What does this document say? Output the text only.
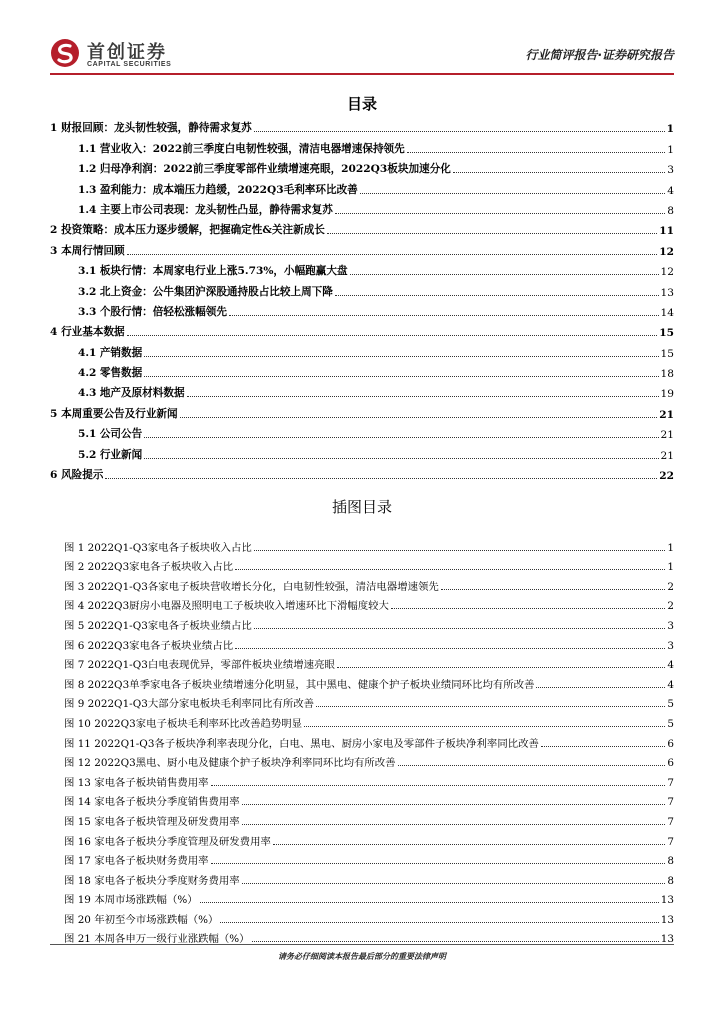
首创证券
CAPITAL SECURITIES
行业简评报告·证券研究报告
目录
1 财报回顾：龙头韧性较强，静待需求复苏	1
1.1 营业收入：2022前三季度白电韧性较强，清洁电器增速保持领先	1
1.2 归母净利润：2022前三季度零部件业绩增速亮眼，2022Q3板块加速分化	3
1.3 盈利能力：成本端压力趋缓，2022Q3毛利率环比改善	4
1.4 主要上市公司表现：龙头韧性凸显，静待需求复苏	8
2 投资策略：成本压力逐步缓解，把握确定性&关注新成长	11
3 本周行情回顾	12
3.1 板块行情：本周家电行业上涨5.73%，小幅跑赢大盘	12
3.2 北上资金：公牛集团沪深股通持股占比较上周下降	13
3.3 个股行情：倍轻松涨幅领先	14
4 行业基本数据	15
4.1 产销数据	15
4.2 零售数据	18
4.3 地产及原材料数据	19
5 本周重要公告及行业新闻	21
5.1 公司公告	21
5.2 行业新闻	21
6 风险提示	22
插图目录
图 1 2022Q1-Q3家电各子板块收入占比	1
图 2 2022Q3家电各子板块收入占比	1
图 3 2022Q1-Q3各家电子板块营收增长分化，白电韧性较强，清洁电器增速领先	2
图 4 2022Q3厨房小电器及照明电工子板块收入增速环比下滑幅度较大	2
图 5 2022Q1-Q3家电各子板块业绩占比	3
图 6 2022Q3家电各子板块业绩占比	3
图 7 2022Q1-Q3白电表现优异，零部件板块业绩增速亮眼	4
图 8 2022Q3单季家电各子板块业绩增速分化明显，其中黑电、健康个护子板块业绩同环比均有所改善	4
图 9 2022Q1-Q3大部分家电板块毛利率同比有所改善	5
图 10 2022Q3家电子板块毛利率环比改善趋势明显	5
图 11 2022Q1-Q3各子板块净利率表现分化，白电、黑电、厨房小家电及零部件子板块净利率同比改善	6
图 12 2022Q3黑电、厨小电及健康个护子板块净利率同环比均有所改善	6
图 13 家电各子板块销售费用率	7
图 14 家电各子板块分季度销售费用率	7
图 15 家电各子板块管理及研发费用率	7
图 16 家电各子板块分季度管理及研发费用率	7
图 17 家电各子板块财务费用率	8
图 18 家电各子板块分季度财务费用率	8
图 19 本周市场涨跌幅（%）	13
图 20 年初至今市场涨跌幅（%）	13
图 21 本周各申万一级行业涨跌幅（%）	13
请务必仔细阅读本报告最后部分的重要法律声明
